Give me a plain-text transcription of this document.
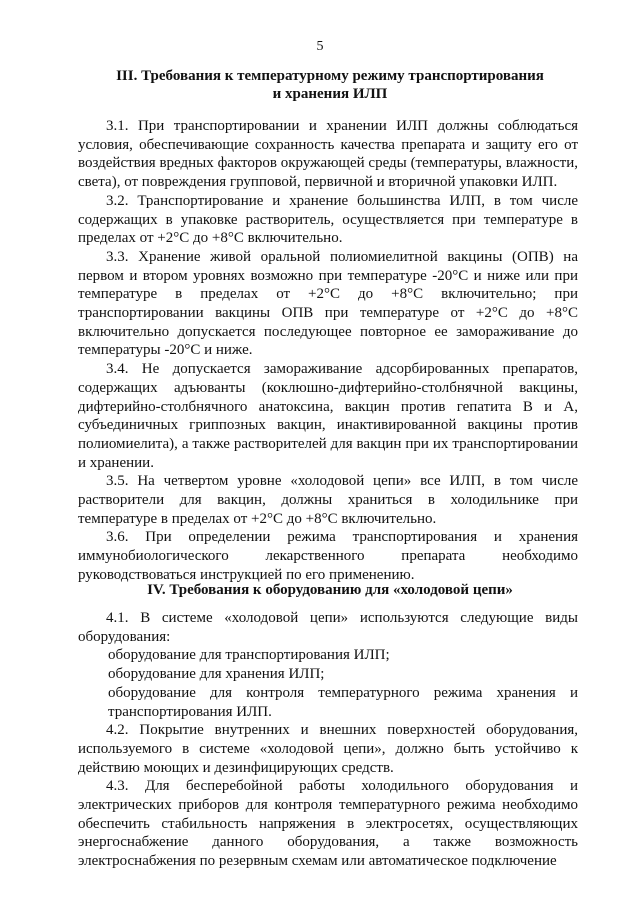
5
III. Требования к температурному режиму транспортирования
и хранения ИЛП

3.1. При транспортировании и хранении ИЛП должны соблюдаться условия, обеспечивающие сохранность качества препарата и защиту его от воздействия вредных факторов окружающей среды (температуры, влажности, света), от повреждения групповой, первичной и вторичной упаковки ИЛП.

3.2. Транспортирование и хранение большинства ИЛП, в том числе содержащих в упаковке растворитель, осуществляется при температуре в пределах от +2°С до +8°С включительно.

3.3. Хранение живой оральной полиомиелитной вакцины (ОПВ) на первом и втором уровнях возможно при температуре -20°С и ниже или при температуре в пределах от +2°С до +8°С включительно; при транспортировании вакцины ОПВ при температуре от +2°С до +8°С включительно допускается последующее повторное ее замораживание до температуры -20°С и ниже.

3.4. Не допускается замораживание адсорбированных препаратов, содержащих адъюванты (коклюшно-дифтерийно-столбнячной вакцины, дифтерийно-столбнячного анатоксина, вакцин против гепатита В и А, субъединичных гриппозных вакцин, инактивированной вакцины против полиомиелита), а также растворителей для вакцин при их транспортировании и хранении.

3.5. На четвертом уровне «холодовой цепи» все ИЛП, в том числе растворители для вакцин, должны храниться в холодильнике при температуре в пределах от +2°С до +8°С включительно.

3.6. При определении режима транспортирования и хранения иммунобиологического лекарственного препарата необходимо руководствоваться инструкцией по его применению.

IV. Требования к оборудованию для «холодовой цепи»

4.1. В системе «холодовой цепи» используются следующие виды оборудования:

оборудование для транспортирования ИЛП;

оборудование для хранения ИЛП;

оборудование для контроля температурного режима хранения и транспортирования ИЛП.

4.2. Покрытие внутренних и внешних поверхностей оборудования, используемого в системе «холодовой цепи», должно быть устойчиво к действию моющих и дезинфицирующих средств.

4.3. Для бесперебойной работы холодильного оборудования и электрических приборов для контроля температурного режима необходимо обеспечить стабильность напряжения в электросетях, осуществляющих энергоснабжение данного оборудования, а также возможность электроснабжения по резервным схемам или автоматическое подключение
